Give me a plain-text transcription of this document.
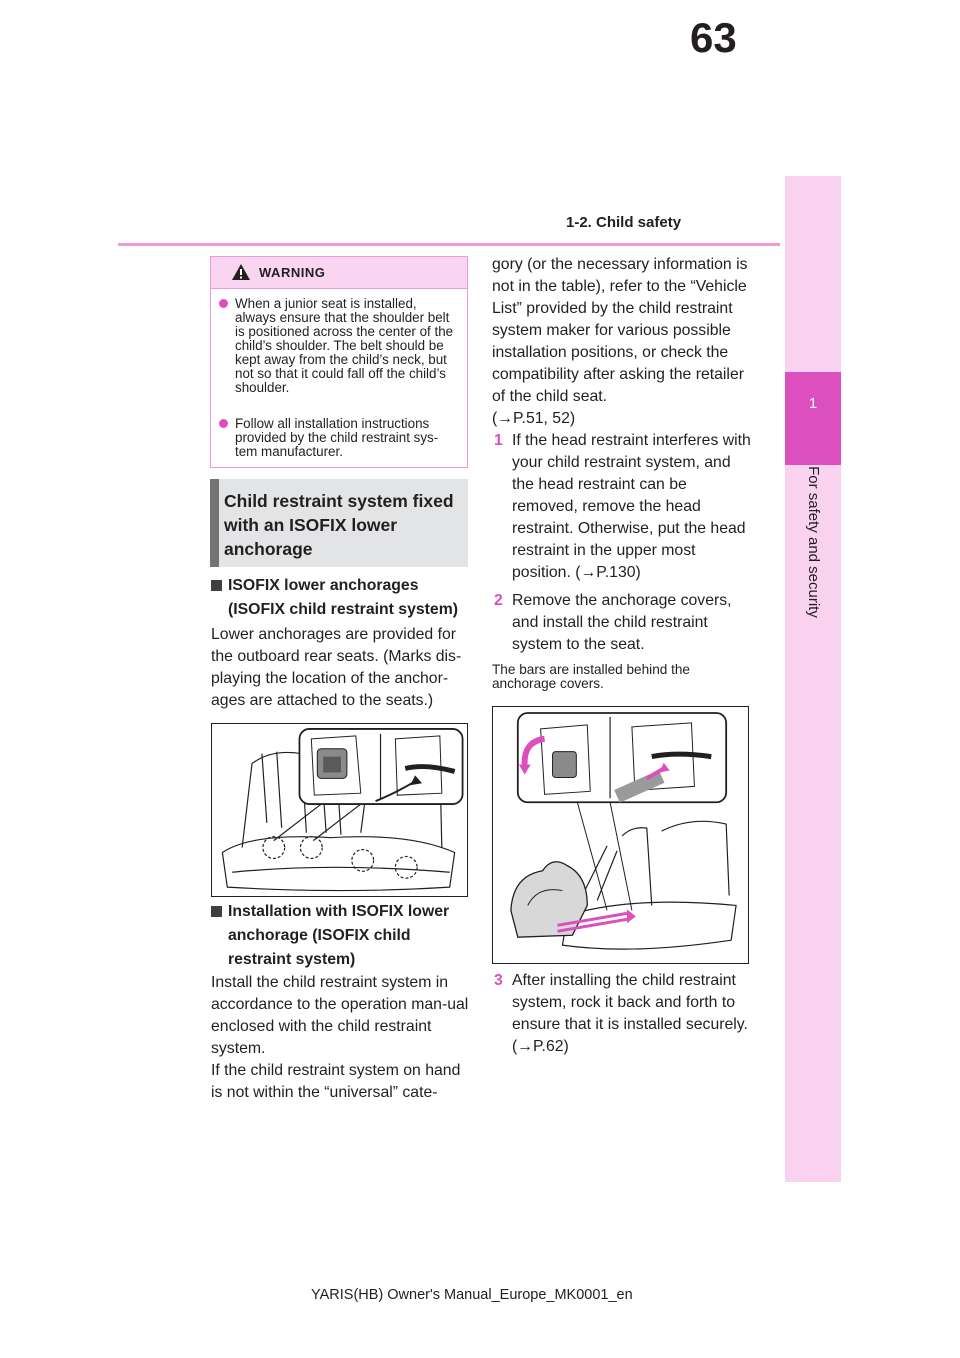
63
1-2. Child safety
1
For safety and security
WARNING
When a junior seat is installed, always ensure that the shoulder belt is positioned across the center of the child’s shoulder. The belt should be kept away from the child’s neck, but not so that it could fall off the child’s shoulder.
Follow all installation instructions provided by the child restraint sys-tem manufacturer.
Child restraint system fixed with an ISOFIX lower anchorage
ISOFIX lower anchorages (ISOFIX child restraint system)
Lower anchorages are provided for the outboard rear seats. (Marks dis-playing the location of the anchor-ages are attached to the seats.)
Installation with ISOFIX lower anchorage (ISOFIX child restraint system)
Install the child restraint system in accordance to the operation man-ual enclosed with the child restraint system.
If the child restraint system on hand is not within the “universal” cate-
gory (or the necessary information is not in the table), refer to the “Vehicle List” provided by the child restraint system maker for various possible installation positions, or check the compatibility after asking the retailer of the child seat.
(→P.51, 52)
1 If the head restraint interferes with your child restraint system, and the head restraint can be removed, remove the head restraint. Otherwise, put the head restraint in the upper most position. (→P.130)
2 Remove the anchorage covers, and install the child restraint system to the seat.
The bars are installed behind the anchorage covers.
3 After installing the child restraint system, rock it back and forth to ensure that it is installed securely. (→P.62)
YARIS(HB) Owner's Manual_Europe_MK0001_en
